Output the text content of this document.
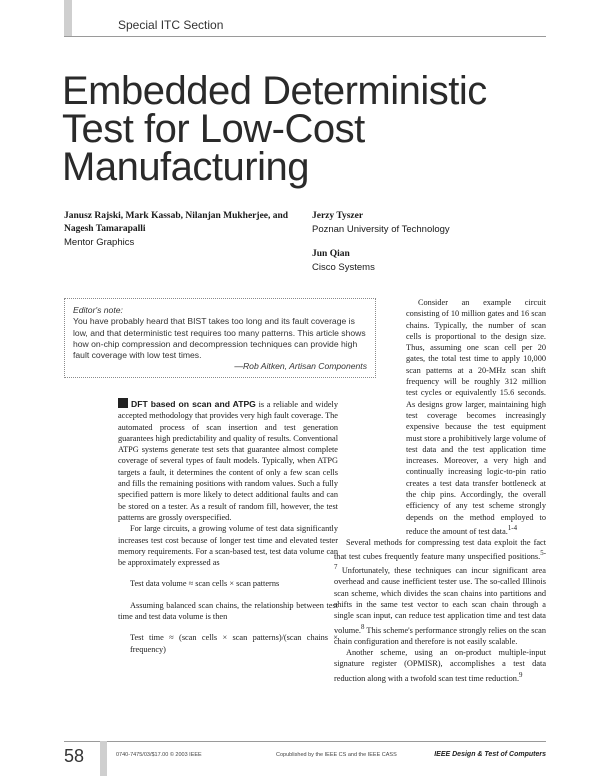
Special ITC Section
Embedded Deterministic Test for Low-Cost Manufacturing
Janusz Rajski, Mark Kassab, Nilanjan Mukherjee, and Nagesh Tamarapalli
Mentor Graphics
Jerzy Tyszer
Poznan University of Technology
Jun Qian
Cisco Systems
Editor's note:
You have probably heard that BIST takes too long and its fault coverage is low, and that deterministic test requires too many patterns. This article shows how on-chip compression and decompression techniques can provide high fault coverage with low test times.
—Rob Aitken, Artisan Components

DFT based on scan and ATPG is a reliable and widely accepted methodology that provides very high fault coverage. The automated process of scan insertion and test generation guarantees high predictability and quality of results. Conventional ATPG systems generate test sets that guarantee almost complete coverage of several types of fault models. Typically, when ATPG targets a fault, it determines the content of only a few scan cells and fills the remaining positions with random values. Such a fully specified pattern is more likely to detect additional faults and can be stored on a tester. As a result of random fill, however, the test patterns are grossly overspecified.

For large circuits, a growing volume of test data significantly increases test cost because of longer test time and elevated tester memory requirements. For a scan-based test, test data volume can be approximately expressed as

Test data volume ≈ scan cells × scan patterns

Assuming balanced scan chains, the relationship between test time and test data volume is then

Test time ≈ (scan cells × scan patterns)/(scan chains × frequency)

Consider an example circuit consisting of 10 million gates and 16 scan chains. Typically, the number of scan cells is proportional to the design size. Thus, assuming one scan cell per 20 gates, the total test time to apply 10,000 scan patterns at a 20-MHz scan shift frequency will be roughly 312 million test cycles or equivalently 15.6 seconds. As designs grow larger, maintaining high test coverage becomes increasingly expensive because the test equipment must store a prohibitively large volume of test data and the test application time increases. Moreover, a very high and continually increasing logic-to-pin ratio creates a test data transfer bottleneck at the chip pins. Accordingly, the overall efficiency of any test scheme strongly depends on the method employed to reduce the amount of test data.$^{1-4}$

Several methods for compressing test data exploit the fact that test cubes frequently feature many unspecified positions.$^{5-7}$ Unfortunately, these techniques can incur significant area overhead and cause inefficient tester use. The so-called Illinois scan scheme, which divides the scan chains into partitions and shifts in the same test vector to each scan chain through a single scan input, can reduce test application time and test data volume.$^8$ This scheme's performance strongly relies on the scan chain configuration and therefore is not easily scalable.

Another scheme, using an on-product multiple-input signature register (OPMISR), accomplishes a test data reduction along with a twofold scan test time reduction.$^9$

58	0740-7475/03/$17.00 © 2003 IEEE	Copublished by the IEEE CS and the IEEE CASS	IEEE Design & Test of Computers
